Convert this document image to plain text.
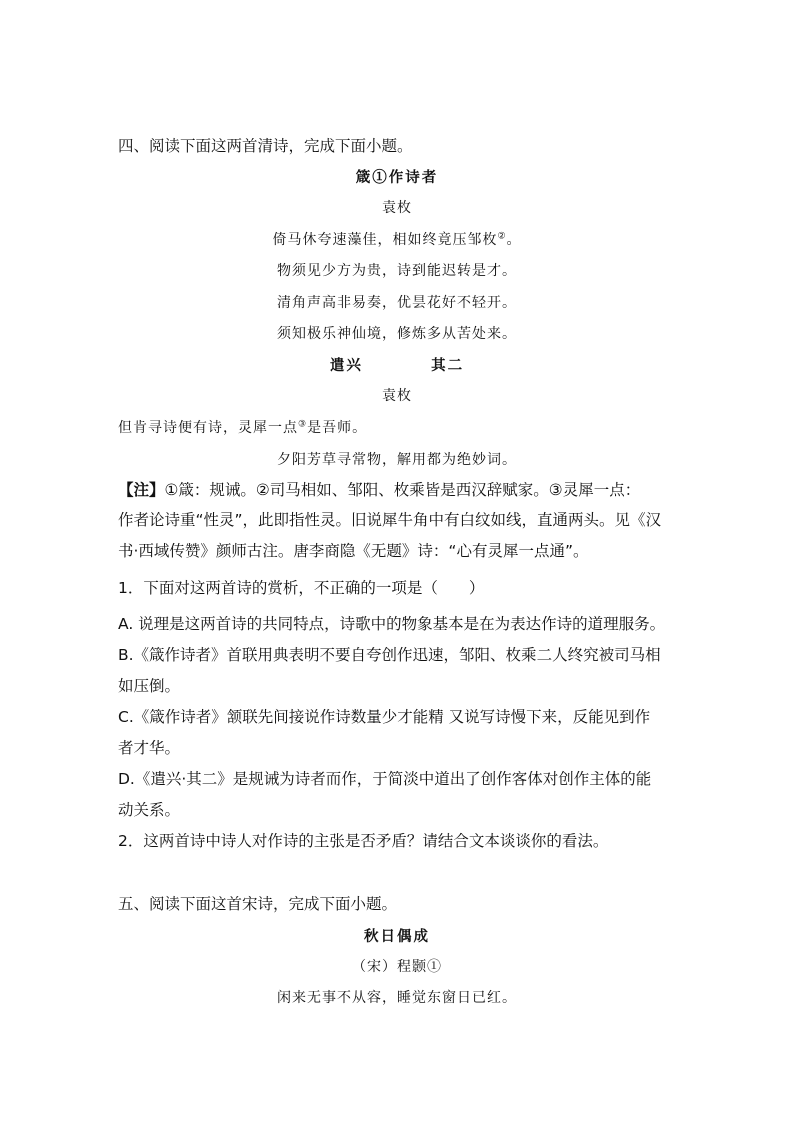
四、阅读下面这两首清诗，完成下面小题。
箴①作诗者
袁枚
倚马休夸速藻佳，相如终竟压邹枚②。
物须见少方为贵，诗到能迟转是才。
清角声高非易奏，优昙花好不轻开。
须知极乐神仙境，修炼多从苦处来。
遣兴	其二
袁枚
但肯寻诗便有诗，灵犀一点③是吾师。
夕阳芳草寻常物，解用都为绝妙词。
【注】①箴：规诫。②司马相如、邹阳、枚乘皆是西汉辞赋家。③灵犀一点：
作者论诗重“性灵”，此即指性灵。旧说犀牛角中有白纹如线，直通两头。见《汉
书·西域传赞》颜师古注。唐李商隐《无题》诗：“心有灵犀一点通”。
1．下面对这两首诗的赏析，不正确的一项是（　　）
A. 说理是这两首诗的共同特点，诗歌中的物象基本是在为表达作诗的道理服务。
B.《箴作诗者》首联用典表明不要自夸创作迅速，邹阳、枚乘二人终究被司马相
如压倒。
C.《箴作诗者》颔联先间接说作诗数量少才能精 又说写诗慢下来，反能见到作
者才华。
D.《遣兴·其二》是规诫为诗者而作，于简淡中道出了创作客体对创作主体的能
动关系。
2．这两首诗中诗人对作诗的主张是否矛盾？请结合文本谈谈你的看法。
五、阅读下面这首宋诗，完成下面小题。
秋日偶成
（宋）程颢①
闲来无事不从容，睡觉东窗日已红。
